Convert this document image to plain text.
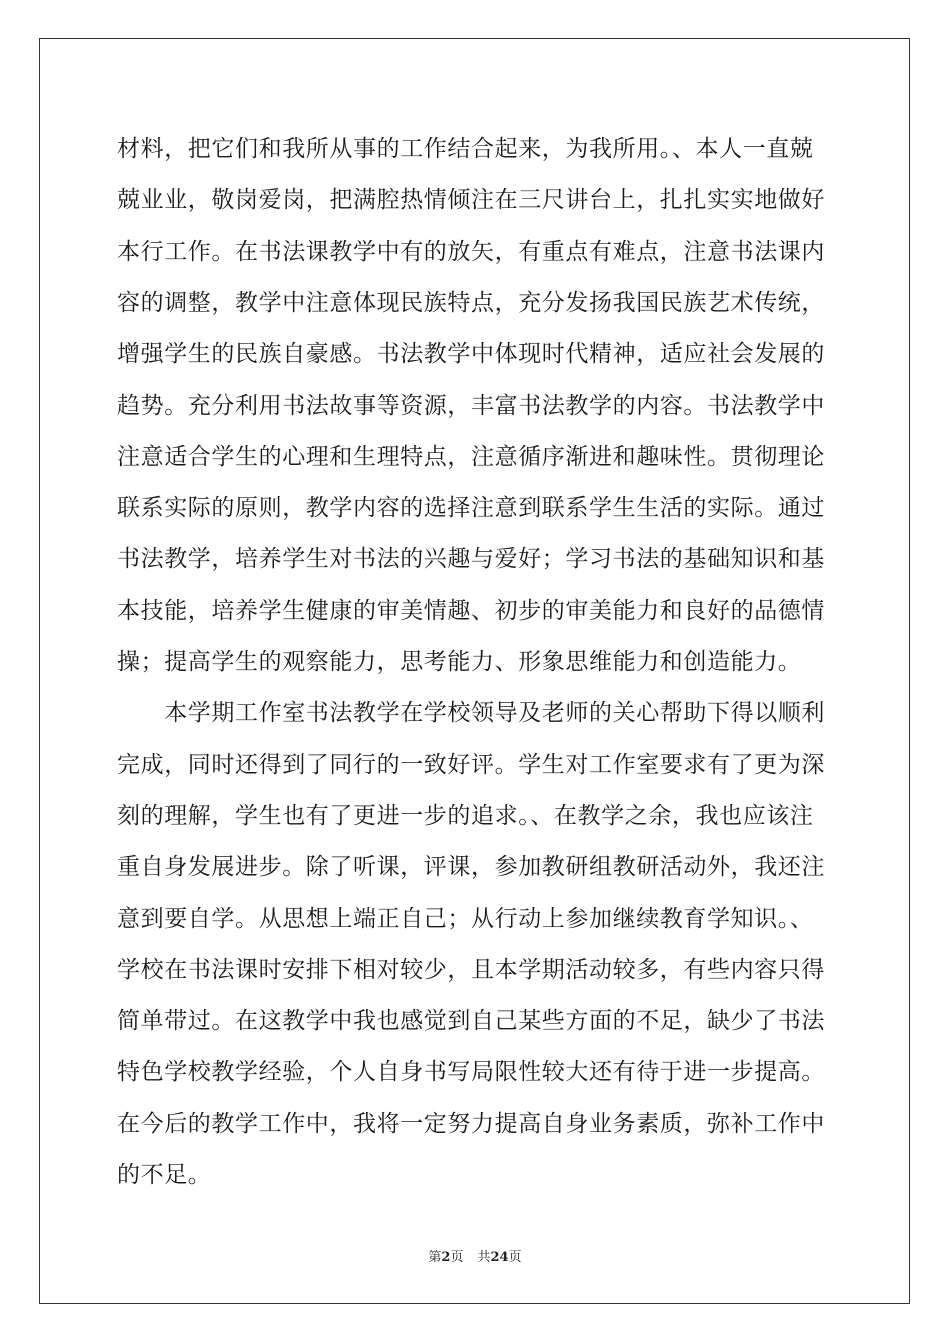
材料，把它们和我所从事的工作结合起来，为我所用。、本人一直兢
兢业业，敬岗爱岗，把满腔热情倾注在三尺讲台上，扎扎实实地做好
本行工作。在书法课教学中有的放矢，有重点有难点，注意书法课内
容的调整，教学中注意体现民族特点，充分发扬我国民族艺术传统，
增强学生的民族自豪感。书法教学中体现时代精神，适应社会发展的
趋势。充分利用书法故事等资源，丰富书法教学的内容。书法教学中
注意适合学生的心理和生理特点，注意循序渐进和趣味性。贯彻理论
联系实际的原则，教学内容的选择注意到联系学生生活的实际。通过
书法教学，培养学生对书法的兴趣与爱好；学习书法的基础知识和基
本技能，培养学生健康的审美情趣、初步的审美能力和良好的品德情
操；提高学生的观察能力，思考能力、形象思维能力和创造能力。
　　本学期工作室书法教学在学校领导及老师的关心帮助下得以顺利
完成，同时还得到了同行的一致好评。学生对工作室要求有了更为深
刻的理解，学生也有了更进一步的追求。、在教学之余，我也应该注
重自身发展进步。除了听课，评课，参加教研组教研活动外，我还注
意到要自学。从思想上端正自己；从行动上参加继续教育学知识。、
学校在书法课时安排下相对较少，且本学期活动较多，有些内容只得
简单带过。在这教学中我也感觉到自己某些方面的不足，缺少了书法
特色学校教学经验，个人自身书写局限性较大还有待于进一步提高。
在今后的教学工作中，我将一定努力提高自身业务素质，弥补工作中
的不足。
第2页 共24页
